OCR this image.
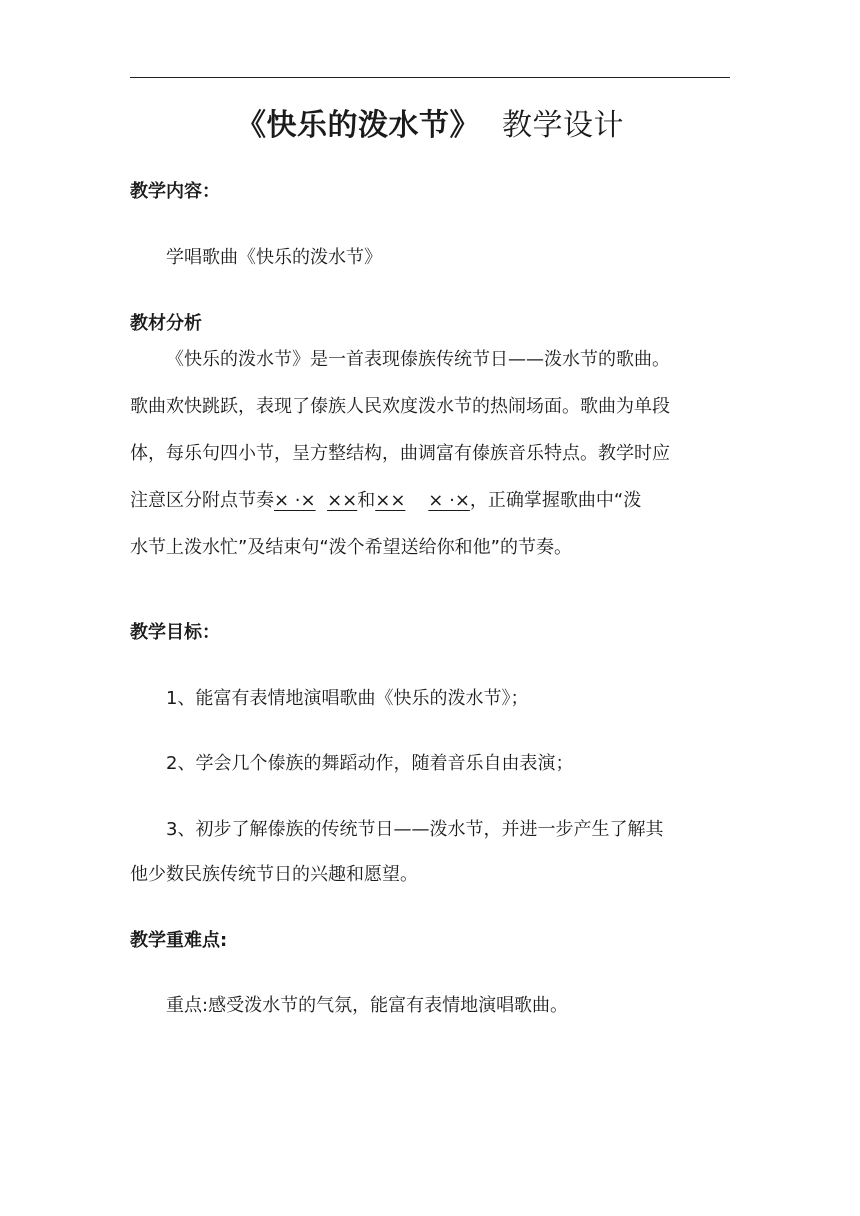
《快乐的泼水节》 教学设计
教学内容：
学唱歌曲《快乐的泼水节》
教材分析
《快乐的泼水节》是一首表现傣族传统节日——泼水节的歌曲。
歌曲欢快跳跃，表现了傣族人民欢度泼水节的热闹场面。歌曲为单段
体，每乐句四小节，呈方整结构，曲调富有傣族音乐特点。教学时应
注意区分附点节奏× ·× ××和×× × ·×，正确掌握歌曲中“泼
水节上泼水忙”及结束句“泼个希望送给你和他”的节奏。
教学目标：
1、能富有表情地演唱歌曲《快乐的泼水节》；
2、学会几个傣族的舞蹈动作，随着音乐自由表演；
3、初步了解傣族的传统节日——泼水节，并进一步产生了解其
他少数民族传统节日的兴趣和愿望。
教学重难点:
重点:感受泼水节的气氛，能富有表情地演唱歌曲。
